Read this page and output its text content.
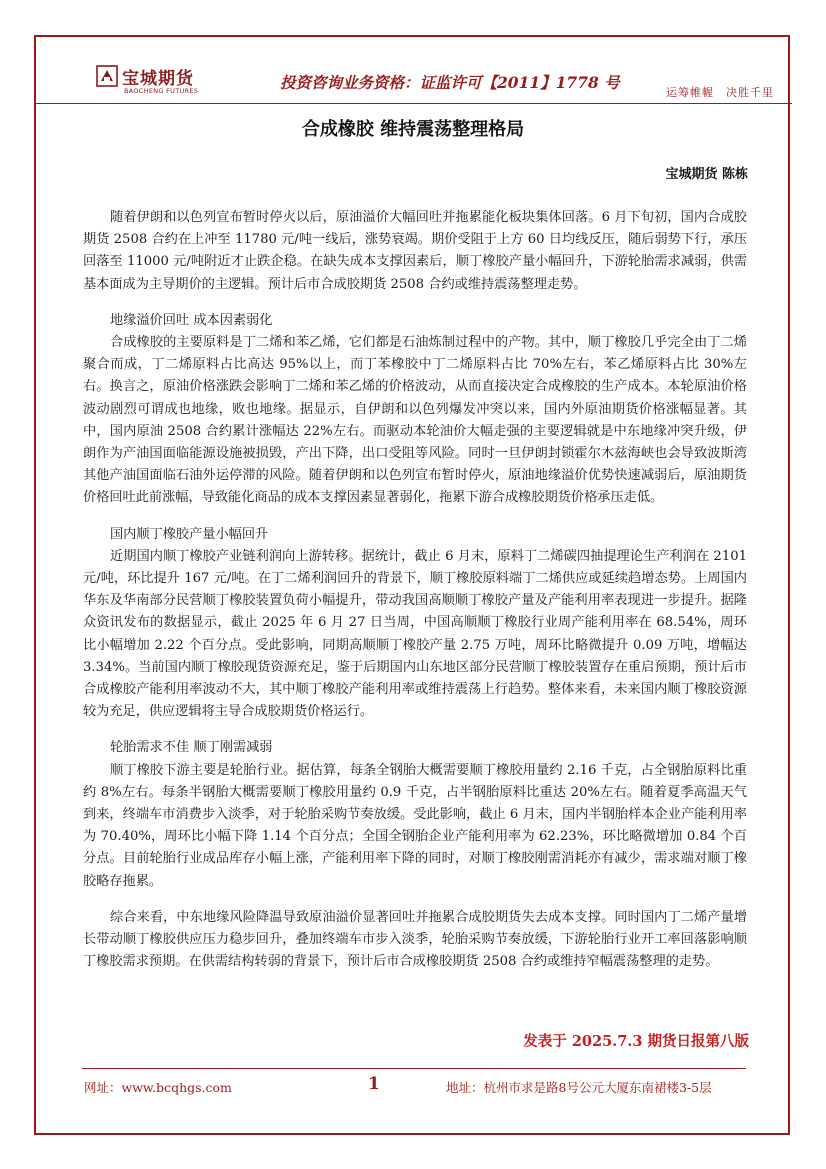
宝城期货
BAOCHENG FUTURES	投资咨询业务资格：证监许可【2011】1778 号
运筹帷幄　决胜千里
合成橡胶 维持震荡整理格局
宝城期货 陈栋

随着伊朗和以色列宣布暂时停火以后，原油溢价大幅回吐并拖累能化板块集体回落。6 月下旬初，国内合成胶期货 2508 合约在上冲至 11780 元/吨一线后，涨势衰竭。期价受阻于上方 60 日均线反压，随后弱势下行，承压回落至 11000 元/吨附近才止跌企稳。在缺失成本支撑因素后，顺丁橡胶产量小幅回升，下游轮胎需求减弱，供需基本面成为主导期价的主逻辑。预计后市合成胶期货 2508 合约或维持震荡整理走势。

地缘溢价回吐 成本因素弱化

合成橡胶的主要原料是丁二烯和苯乙烯，它们都是石油炼制过程中的产物。其中，顺丁橡胶几乎完全由丁二烯聚合而成，丁二烯原料占比高达 95%以上，而丁苯橡胶中丁二烯原料占比 70%左右，苯乙烯原料占比 30%左右。换言之，原油价格涨跌会影响丁二烯和苯乙烯的价格波动，从而直接决定合成橡胶的生产成本。本轮原油价格波动剧烈可谓成也地缘，败也地缘。据显示，自伊朗和以色列爆发冲突以来，国内外原油期货价格涨幅显著。其中，国内原油 2508 合约累计涨幅达 22%左右。而驱动本轮油价大幅走强的主要逻辑就是中东地缘冲突升级，伊朗作为产油国面临能源设施被损毁，产出下降，出口受阻等风险。同时一旦伊朗封锁霍尔木兹海峡也会导致波斯湾其他产油国面临石油外运停滞的风险。随着伊朗和以色列宣布暂时停火，原油地缘溢价优势快速减弱后，原油期货价格回吐此前涨幅，导致能化商品的成本支撑因素显著弱化，拖累下游合成橡胶期货价格承压走低。

国内顺丁橡胶产量小幅回升

近期国内顺丁橡胶产业链利润向上游转移。据统计，截止 6 月末，原料丁二烯碳四抽提理论生产利润在 2101 元/吨，环比提升 167 元/吨。在丁二烯利润回升的背景下，顺丁橡胶原料端丁二烯供应或延续趋增态势。上周国内华东及华南部分民营顺丁橡胶装置负荷小幅提升，带动我国高顺顺丁橡胶产量及产能利用率表现进一步提升。据隆众资讯发布的数据显示，截止 2025 年 6 月 27 日当周，中国高顺顺丁橡胶行业周产能利用率在 68.54%，周环比小幅增加 2.22 个百分点。受此影响，同期高顺顺丁橡胶产量 2.75 万吨，周环比略微提升 0.09 万吨，增幅达 3.34%。当前国内顺丁橡胶现货资源充足，鉴于后期国内山东地区部分民营顺丁橡胶装置存在重启预期，预计后市合成橡胶产能利用率波动不大，其中顺丁橡胶产能利用率或维持震荡上行趋势。整体来看，未来国内顺丁橡胶资源较为充足，供应逻辑将主导合成胶期货价格运行。

轮胎需求不佳 顺丁刚需减弱

顺丁橡胶下游主要是轮胎行业。据估算，每条全钢胎大概需要顺丁橡胶用量约 2.16 千克，占全钢胎原料比重约 8%左右。每条半钢胎大概需要顺丁橡胶用量约 0.9 千克，占半钢胎原料比重达 20%左右。随着夏季高温天气到来，终端车市消费步入淡季，对于轮胎采购节奏放缓。受此影响，截止 6 月末，国内半钢胎样本企业产能利用率为 70.40%，周环比小幅下降 1.14 个百分点；全国全钢胎企业产能利用率为 62.23%，环比略微增加 0.84 个百分点。目前轮胎行业成品库存小幅上涨，产能利用率下降的同时，对顺丁橡胶刚需消耗亦有减少，需求端对顺丁橡胶略存拖累。

综合来看，中东地缘风险降温导致原油溢价显著回吐并拖累合成胶期货失去成本支撑。同时国内丁二烯产量增长带动顺丁橡胶供应压力稳步回升，叠加终端车市步入淡季，轮胎采购节奏放缓，下游轮胎行业开工率回落影响顺丁橡胶需求预期。在供需结构转弱的背景下，预计后市合成橡胶期货 2508 合约或维持窄幅震荡整理的走势。

发表于 2025.7.3 期货日报第八版
网址：www.bcqhgs.com	1	地址：杭州市求是路8号公元大厦东南裙楼3-5层
